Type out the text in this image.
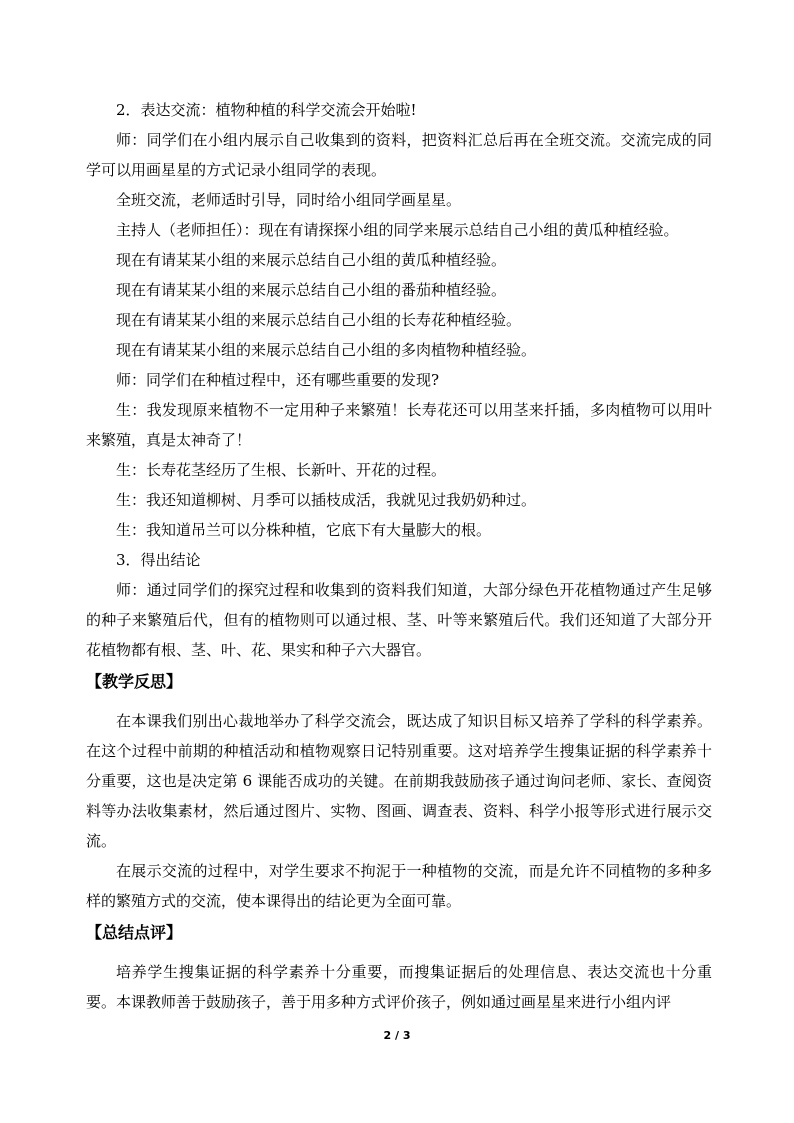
2．表达交流：植物种植的科学交流会开始啦!

师：同学们在小组内展示自己收集到的资料，把资料汇总后再在全班交流。交流完成的同学可以用画星星的方式记录小组同学的表现。

全班交流，老师适时引导，同时给小组同学画星星。

主持人（老师担任）：现在有请探探小组的同学来展示总结自己小组的黄瓜种植经验。

现在有请某某小组的来展示总结自己小组的黄瓜种植经验。

现在有请某某小组的来展示总结自己小组的番茄种植经验。

现在有请某某小组的来展示总结自己小组的长寿花种植经验。

现在有请某某小组的来展示总结自己小组的多肉植物种植经验。

师：同学们在种植过程中，还有哪些重要的发现?

生：我发现原来植物不一定用种子来繁殖！长寿花还可以用茎来扦插，多肉植物可以用叶来繁殖，真是太神奇了！

生：长寿花茎经历了生根、长新叶、开花的过程。

生：我还知道柳树、月季可以插枝成活，我就见过我奶奶种过。

生：我知道吊兰可以分株种植，它底下有大量膨大的根。

3．得出结论

师：通过同学们的探究过程和收集到的资料我们知道，大部分绿色开花植物通过产生足够的种子来繁殖后代，但有的植物则可以通过根、茎、叶等来繁殖后代。我们还知道了大部分开花植物都有根、茎、叶、花、果实和种子六大器官。

【教学反思】

在本课我们别出心裁地举办了科学交流会，既达成了知识目标又培养了学科的科学素养。在这个过程中前期的种植活动和植物观察日记特别重要。这对培养学生搜集证据的科学素养十分重要，这也是决定第 6 课能否成功的关键。在前期我鼓励孩子通过询问老师、家长、查阅资料等办法收集素材，然后通过图片、实物、图画、调查表、资料、科学小报等形式进行展示交流。

在展示交流的过程中，对学生要求不拘泥于一种植物的交流，而是允许不同植物的多种多样的繁殖方式的交流，使本课得出的结论更为全面可靠。

【总结点评】

培养学生搜集证据的科学素养十分重要，而搜集证据后的处理信息、表达交流也十分重要。本课教师善于鼓励孩子，善于用多种方式评价孩子，例如通过画星星来进行小组内评

2 / 3
